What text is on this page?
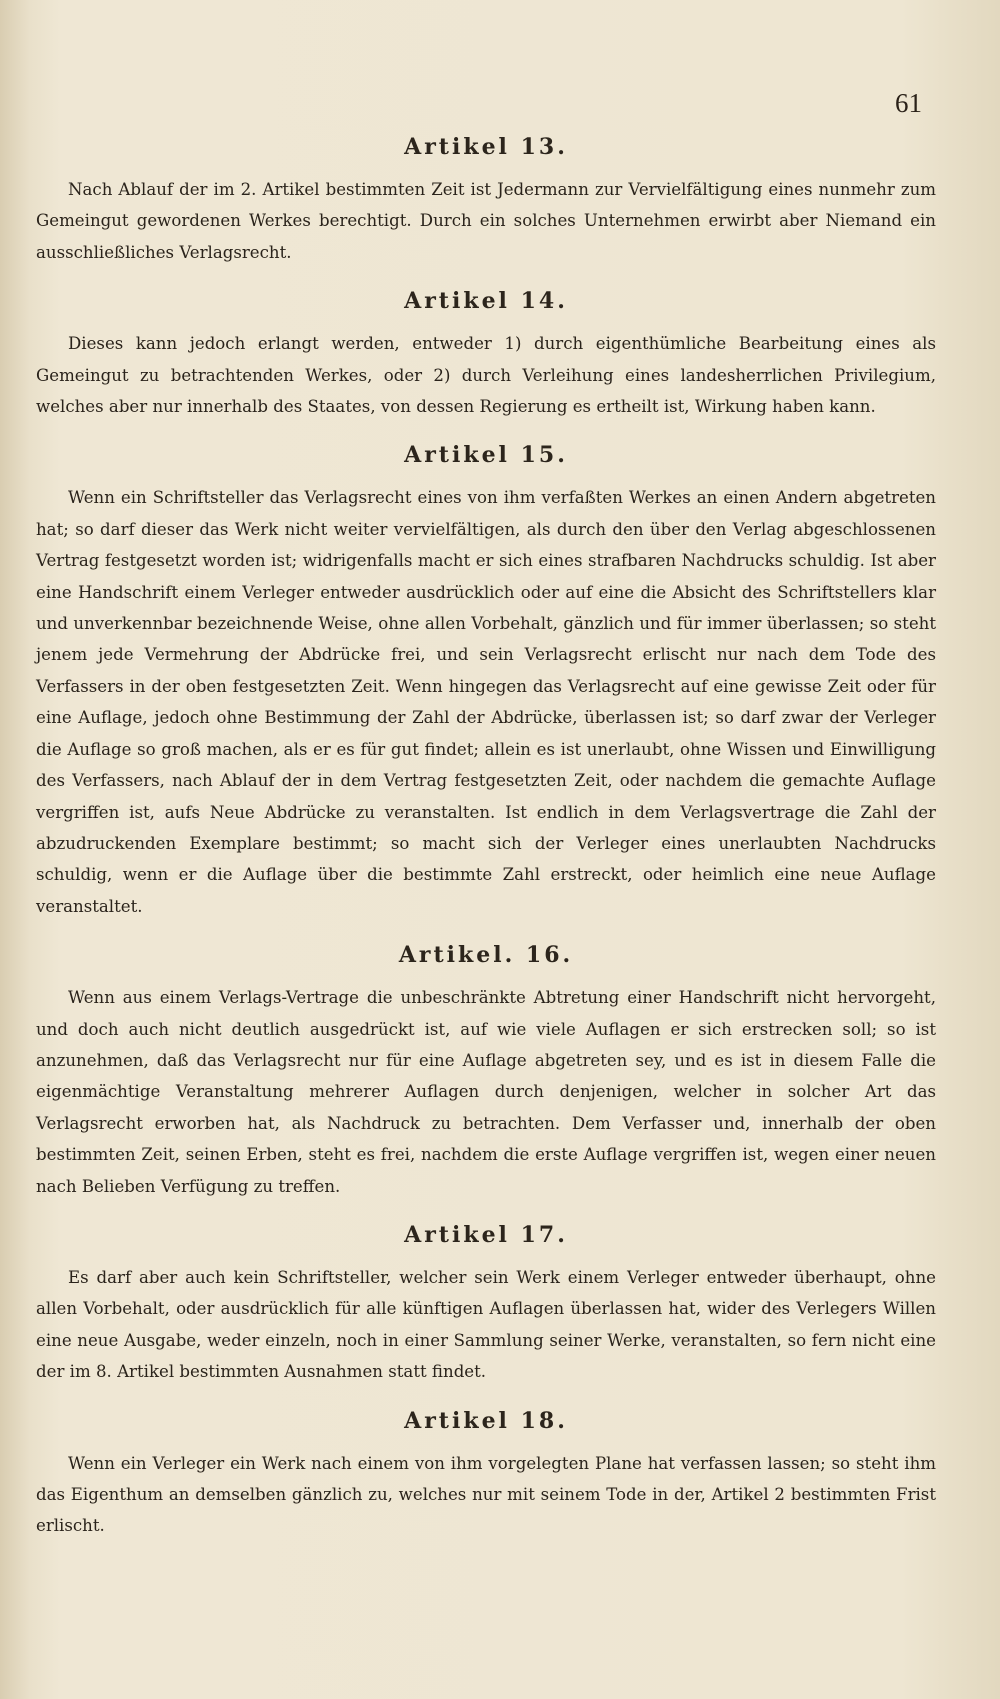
61
Artikel 13.

Nach Ablauf der im 2. Artikel bestimmten Zeit ist Jedermann zur Vervielfältigung eines nunmehr zum Gemeingut gewordenen Werkes berechtigt. Durch ein solches Unternehmen erwirbt aber Niemand ein ausschließliches Verlagsrecht.

Artikel 14.

Dieses kann jedoch erlangt werden, entweder 1) durch eigenthümliche Bearbeitung eines als Gemeingut zu betrachtenden Werkes, oder 2) durch Verleihung eines landesherrlichen Privilegium, welches aber nur innerhalb des Staates, von dessen Regierung es ertheilt ist, Wirkung haben kann.

Artikel 15.

Wenn ein Schriftsteller das Verlagsrecht eines von ihm verfaßten Werkes an einen Andern abgetreten hat; so darf dieser das Werk nicht weiter vervielfältigen, als durch den über den Verlag abgeschlossenen Vertrag festgesetzt worden ist; widrigenfalls macht er sich eines strafbaren Nachdrucks schuldig. Ist aber eine Handschrift einem Verleger entweder ausdrücklich oder auf eine die Absicht des Schriftstellers klar und unverkennbar bezeichnende Weise, ohne allen Vorbehalt, gänzlich und für immer überlassen; so steht jenem jede Vermehrung der Abdrücke frei, und sein Verlagsrecht erlischt nur nach dem Tode des Verfassers in der oben festgesetzten Zeit. Wenn hingegen das Verlagsrecht auf eine gewisse Zeit oder für eine Auflage, jedoch ohne Bestimmung der Zahl der Abdrücke, überlassen ist; so darf zwar der Verleger die Auflage so groß machen, als er es für gut findet; allein es ist unerlaubt, ohne Wissen und Einwilligung des Verfassers, nach Ablauf der in dem Vertrag festgesetzten Zeit, oder nachdem die gemachte Auflage vergriffen ist, aufs Neue Abdrücke zu veranstalten. Ist endlich in dem Verlagsvertrage die Zahl der abzudruckenden Exemplare bestimmt; so macht sich der Verleger eines unerlaubten Nachdrucks schuldig, wenn er die Auflage über die bestimmte Zahl erstreckt, oder heimlich eine neue Auflage veranstaltet.

Artikel. 16.

Wenn aus einem Verlags-Vertrage die unbeschränkte Abtretung einer Handschrift nicht hervorgeht, und doch auch nicht deutlich ausgedrückt ist, auf wie viele Auflagen er sich erstrecken soll; so ist anzunehmen, daß das Verlagsrecht nur für eine Auflage abgetreten sey, und es ist in diesem Falle die eigenmächtige Veranstaltung mehrerer Auflagen durch denjenigen, welcher in solcher Art das Verlagsrecht erworben hat, als Nachdruck zu betrachten. Dem Verfasser und, innerhalb der oben bestimmten Zeit, seinen Erben, steht es frei, nachdem die erste Auflage vergriffen ist, wegen einer neuen nach Belieben Verfügung zu treffen.

Artikel 17.

Es darf aber auch kein Schriftsteller, welcher sein Werk einem Verleger entweder überhaupt, ohne allen Vorbehalt, oder ausdrücklich für alle künftigen Auflagen überlassen hat, wider des Verlegers Willen eine neue Ausgabe, weder einzeln, noch in einer Sammlung seiner Werke, veranstalten, so fern nicht eine der im 8. Artikel bestimmten Ausnahmen statt findet.

Artikel 18.

Wenn ein Verleger ein Werk nach einem von ihm vorgelegten Plane hat verfassen lassen; so steht ihm das Eigenthum an demselben gänzlich zu, welches nur mit seinem Tode in der, Artikel 2 bestimmten Frist erlischt.
